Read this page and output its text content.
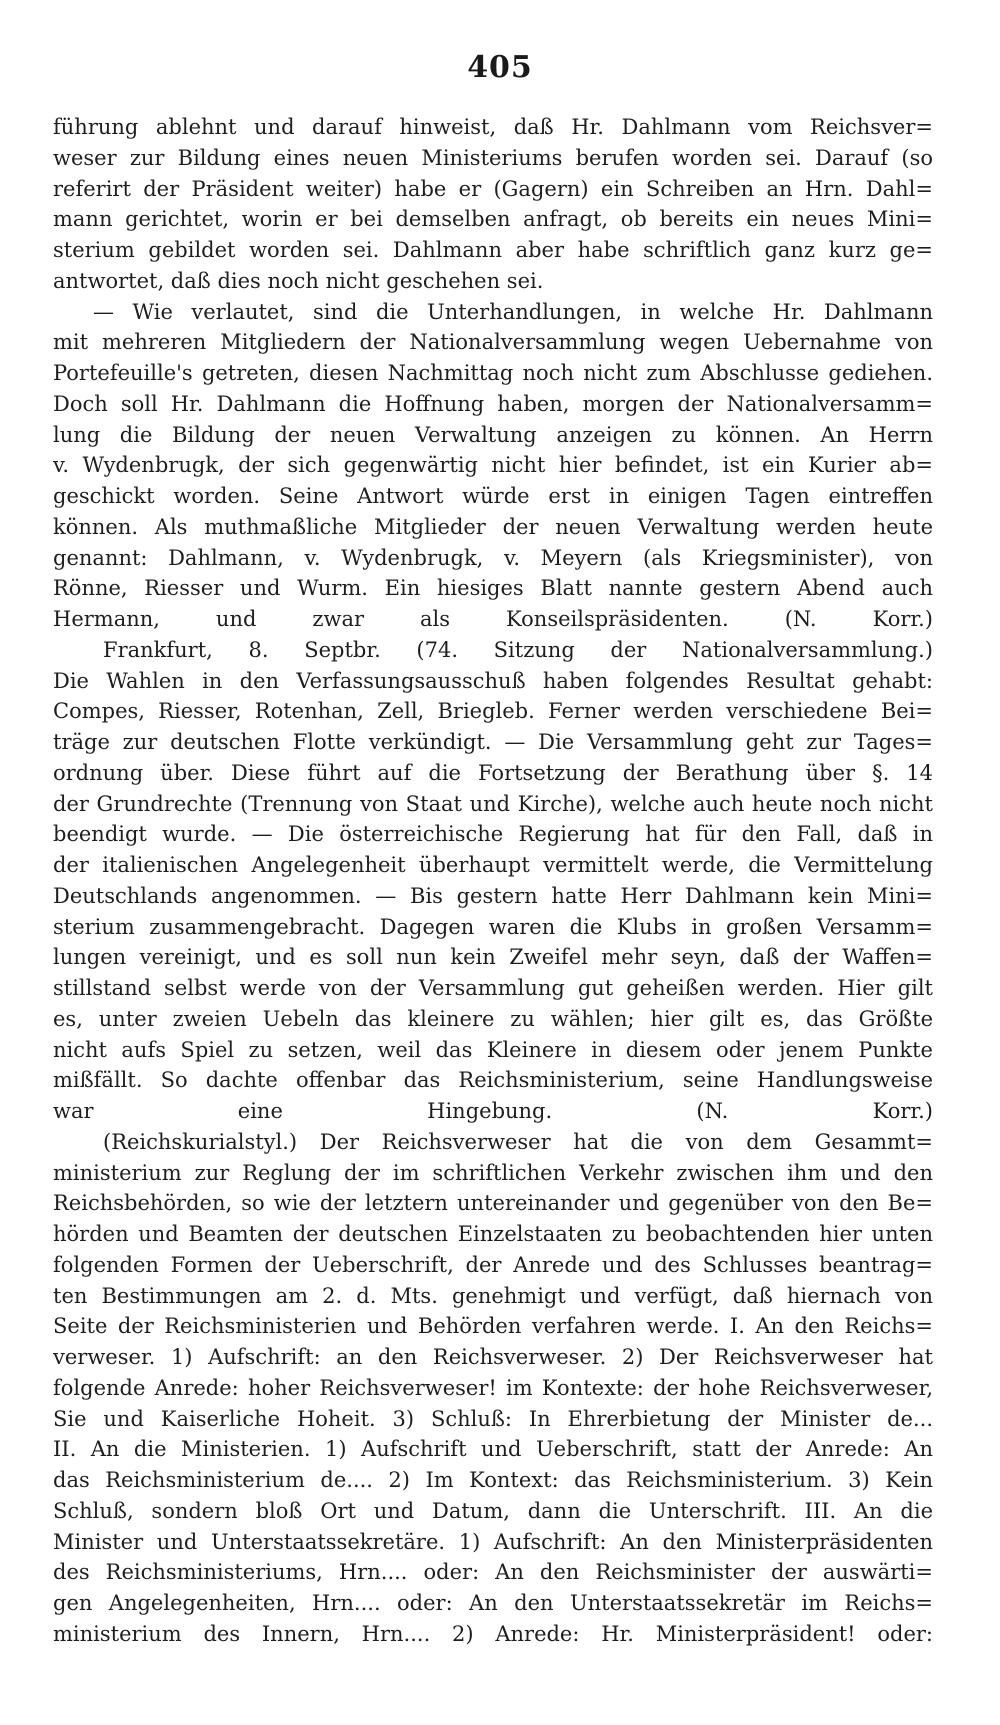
405
führung ablehnt und darauf hinweist, daß Hr. Dahlmann vom Reichsver=
weser zur Bildung eines neuen Ministeriums berufen worden sei. Darauf (so
referirt der Präsident weiter) habe er (Gagern) ein Schreiben an Hrn. Dahl=
mann gerichtet, worin er bei demselben anfragt, ob bereits ein neues Mini=
sterium gebildet worden sei. Dahlmann aber habe schriftlich ganz kurz ge=
antwortet, daß dies noch nicht geschehen sei.
— Wie verlautet, sind die Unterhandlungen, in welche Hr. Dahlmann
mit mehreren Mitgliedern der Nationalversammlung wegen Uebernahme von
Portefeuille's getreten, diesen Nachmittag noch nicht zum Abschlusse gediehen.
Doch soll Hr. Dahlmann die Hoffnung haben, morgen der Nationalversamm=
lung die Bildung der neuen Verwaltung anzeigen zu können. An Herrn
v. Wydenbrugk, der sich gegenwärtig nicht hier befindet, ist ein Kurier ab=
geschickt worden. Seine Antwort würde erst in einigen Tagen eintreffen
können. Als muthmaßliche Mitglieder der neuen Verwaltung werden heute
genannt: Dahlmann, v. Wydenbrugk, v. Meyern (als Kriegsminister), von
Rönne, Riesser und Wurm. Ein hiesiges Blatt nannte gestern Abend auch
Hermann, und zwar als Konseilspräsidenten. (N. Korr.)
Frankfurt, 8. Septbr. (74. Sitzung der Nationalversammlung.)
Die Wahlen in den Verfassungsausschuß haben folgendes Resultat gehabt:
Compes, Riesser, Rotenhan, Zell, Briegleb. Ferner werden verschiedene Bei=
träge zur deutschen Flotte verkündigt. — Die Versammlung geht zur Tages=
ordnung über. Diese führt auf die Fortsetzung der Berathung über §. 14
der Grundrechte (Trennung von Staat und Kirche), welche auch heute noch nicht
beendigt wurde. — Die österreichische Regierung hat für den Fall, daß in
der italienischen Angelegenheit überhaupt vermittelt werde, die Vermittelung
Deutschlands angenommen. — Bis gestern hatte Herr Dahlmann kein Mini=
sterium zusammengebracht. Dagegen waren die Klubs in großen Versamm=
lungen vereinigt, und es soll nun kein Zweifel mehr seyn, daß der Waffen=
stillstand selbst werde von der Versammlung gut geheißen werden. Hier gilt
es, unter zweien Uebeln das kleinere zu wählen; hier gilt es, das Größte
nicht aufs Spiel zu setzen, weil das Kleinere in diesem oder jenem Punkte
mißfällt. So dachte offenbar das Reichsministerium, seine Handlungsweise
war eine Hingebung. (N. Korr.)
(Reichskurialstyl.) Der Reichsverweser hat die von dem Gesammt=
ministerium zur Reglung der im schriftlichen Verkehr zwischen ihm und den
Reichsbehörden, so wie der letztern untereinander und gegenüber von den Be=
hörden und Beamten der deutschen Einzelstaaten zu beobachtenden hier unten
folgenden Formen der Ueberschrift, der Anrede und des Schlusses beantrag=
ten Bestimmungen am 2. d. Mts. genehmigt und verfügt, daß hiernach von
Seite der Reichsministerien und Behörden verfahren werde. I. An den Reichs=
verweser. 1) Aufschrift: an den Reichsverweser. 2) Der Reichsverweser hat
folgende Anrede: hoher Reichsverweser! im Kontexte: der hohe Reichsverweser,
Sie und Kaiserliche Hoheit. 3) Schluß: In Ehrerbietung der Minister de...
II. An die Ministerien. 1) Aufschrift und Ueberschrift, statt der Anrede: An
das Reichsministerium de.... 2) Im Kontext: das Reichsministerium. 3) Kein
Schluß, sondern bloß Ort und Datum, dann die Unterschrift. III. An die
Minister und Unterstaatssekretäre. 1) Aufschrift: An den Ministerpräsidenten
des Reichsministeriums, Hrn.... oder: An den Reichsminister der auswärti=
gen Angelegenheiten, Hrn.... oder: An den Unterstaatssekretär im Reichs=
ministerium des Innern, Hrn.... 2) Anrede: Hr. Ministerpräsident! oder:
